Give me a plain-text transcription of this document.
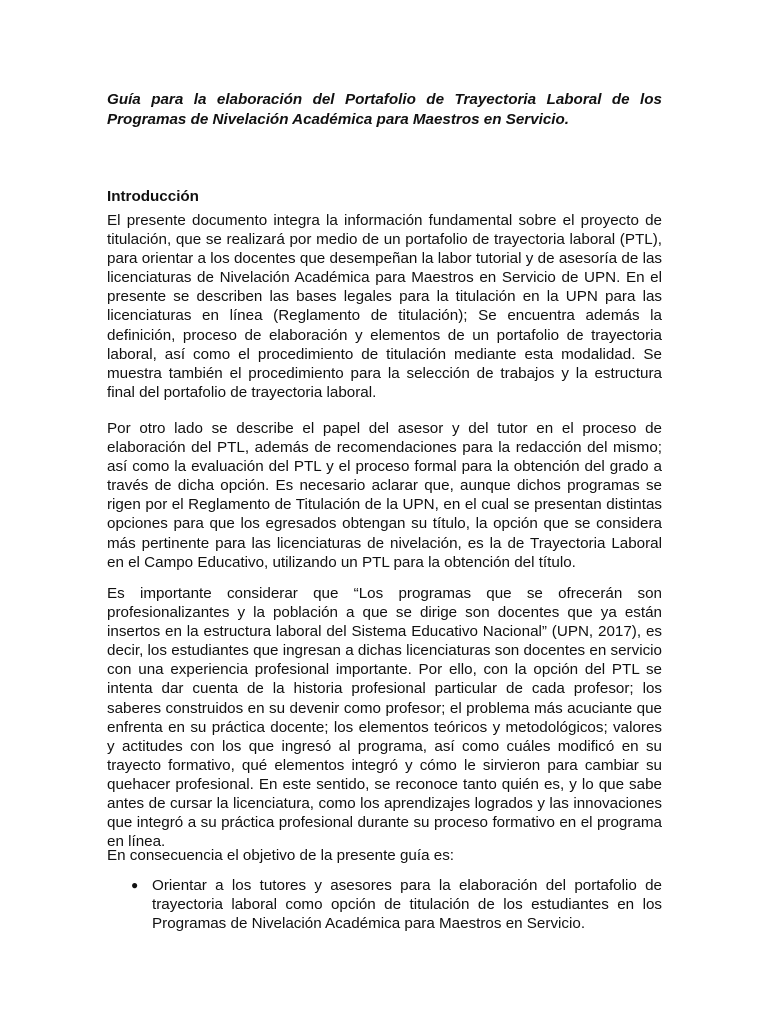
Guía para la elaboración del Portafolio de Trayectoria Laboral de los Programas de Nivelación Académica para Maestros en Servicio.

Introducción

El presente documento integra la información fundamental sobre el proyecto de titulación, que se realizará por medio de un portafolio de trayectoria laboral (PTL), para orientar a los docentes que desempeñan la labor tutorial y de asesoría de las licenciaturas de Nivelación Académica para Maestros en Servicio de UPN. En el presente se describen las bases legales para la titulación en la UPN para las licenciaturas en línea (Reglamento de titulación); Se encuentra además la definición, proceso de elaboración y elementos de un portafolio de trayectoria laboral, así como el procedimiento de titulación mediante esta modalidad. Se muestra también el procedimiento para la selección de trabajos y la estructura final del portafolio de trayectoria laboral.

Por otro lado se describe el papel del asesor y del tutor en el proceso de elaboración del PTL, además de recomendaciones para la redacción del mismo; así como la evaluación del PTL y el proceso formal para la obtención del grado a través de dicha opción. Es necesario aclarar que, aunque dichos programas se rigen por el Reglamento de Titulación de la UPN, en el cual se presentan distintas opciones para que los egresados obtengan su título, la opción que se considera más pertinente para las licenciaturas de nivelación, es la de Trayectoria Laboral en el Campo Educativo, utilizando un PTL para la obtención del título.

Es importante considerar que “Los programas que se ofrecerán son profesionalizantes y la población a que se dirige son docentes que ya están insertos en la estructura laboral del Sistema Educativo Nacional” (UPN, 2017), es decir, los estudiantes que ingresan a dichas licenciaturas son docentes en servicio con una experiencia profesional importante. Por ello, con la opción del PTL se intenta dar cuenta de la historia profesional particular de cada profesor; los saberes construidos en su devenir como profesor; el problema más acuciante que enfrenta en su práctica docente; los elementos teóricos y metodológicos; valores y actitudes con los que ingresó al programa, así como cuáles modificó en su trayecto formativo, qué elementos integró y cómo le sirvieron para cambiar su quehacer profesional. En este sentido, se reconoce tanto quién es, y lo que sabe antes de cursar la licenciatura, como los aprendizajes logrados y las innovaciones que integró a su práctica profesional durante su proceso formativo en el programa en línea.

En consecuencia el objetivo de la presente guía es:

● Orientar a los tutores y asesores para la elaboración del portafolio de trayectoria laboral como opción de titulación de los estudiantes en los Programas de Nivelación Académica para Maestros en Servicio.
